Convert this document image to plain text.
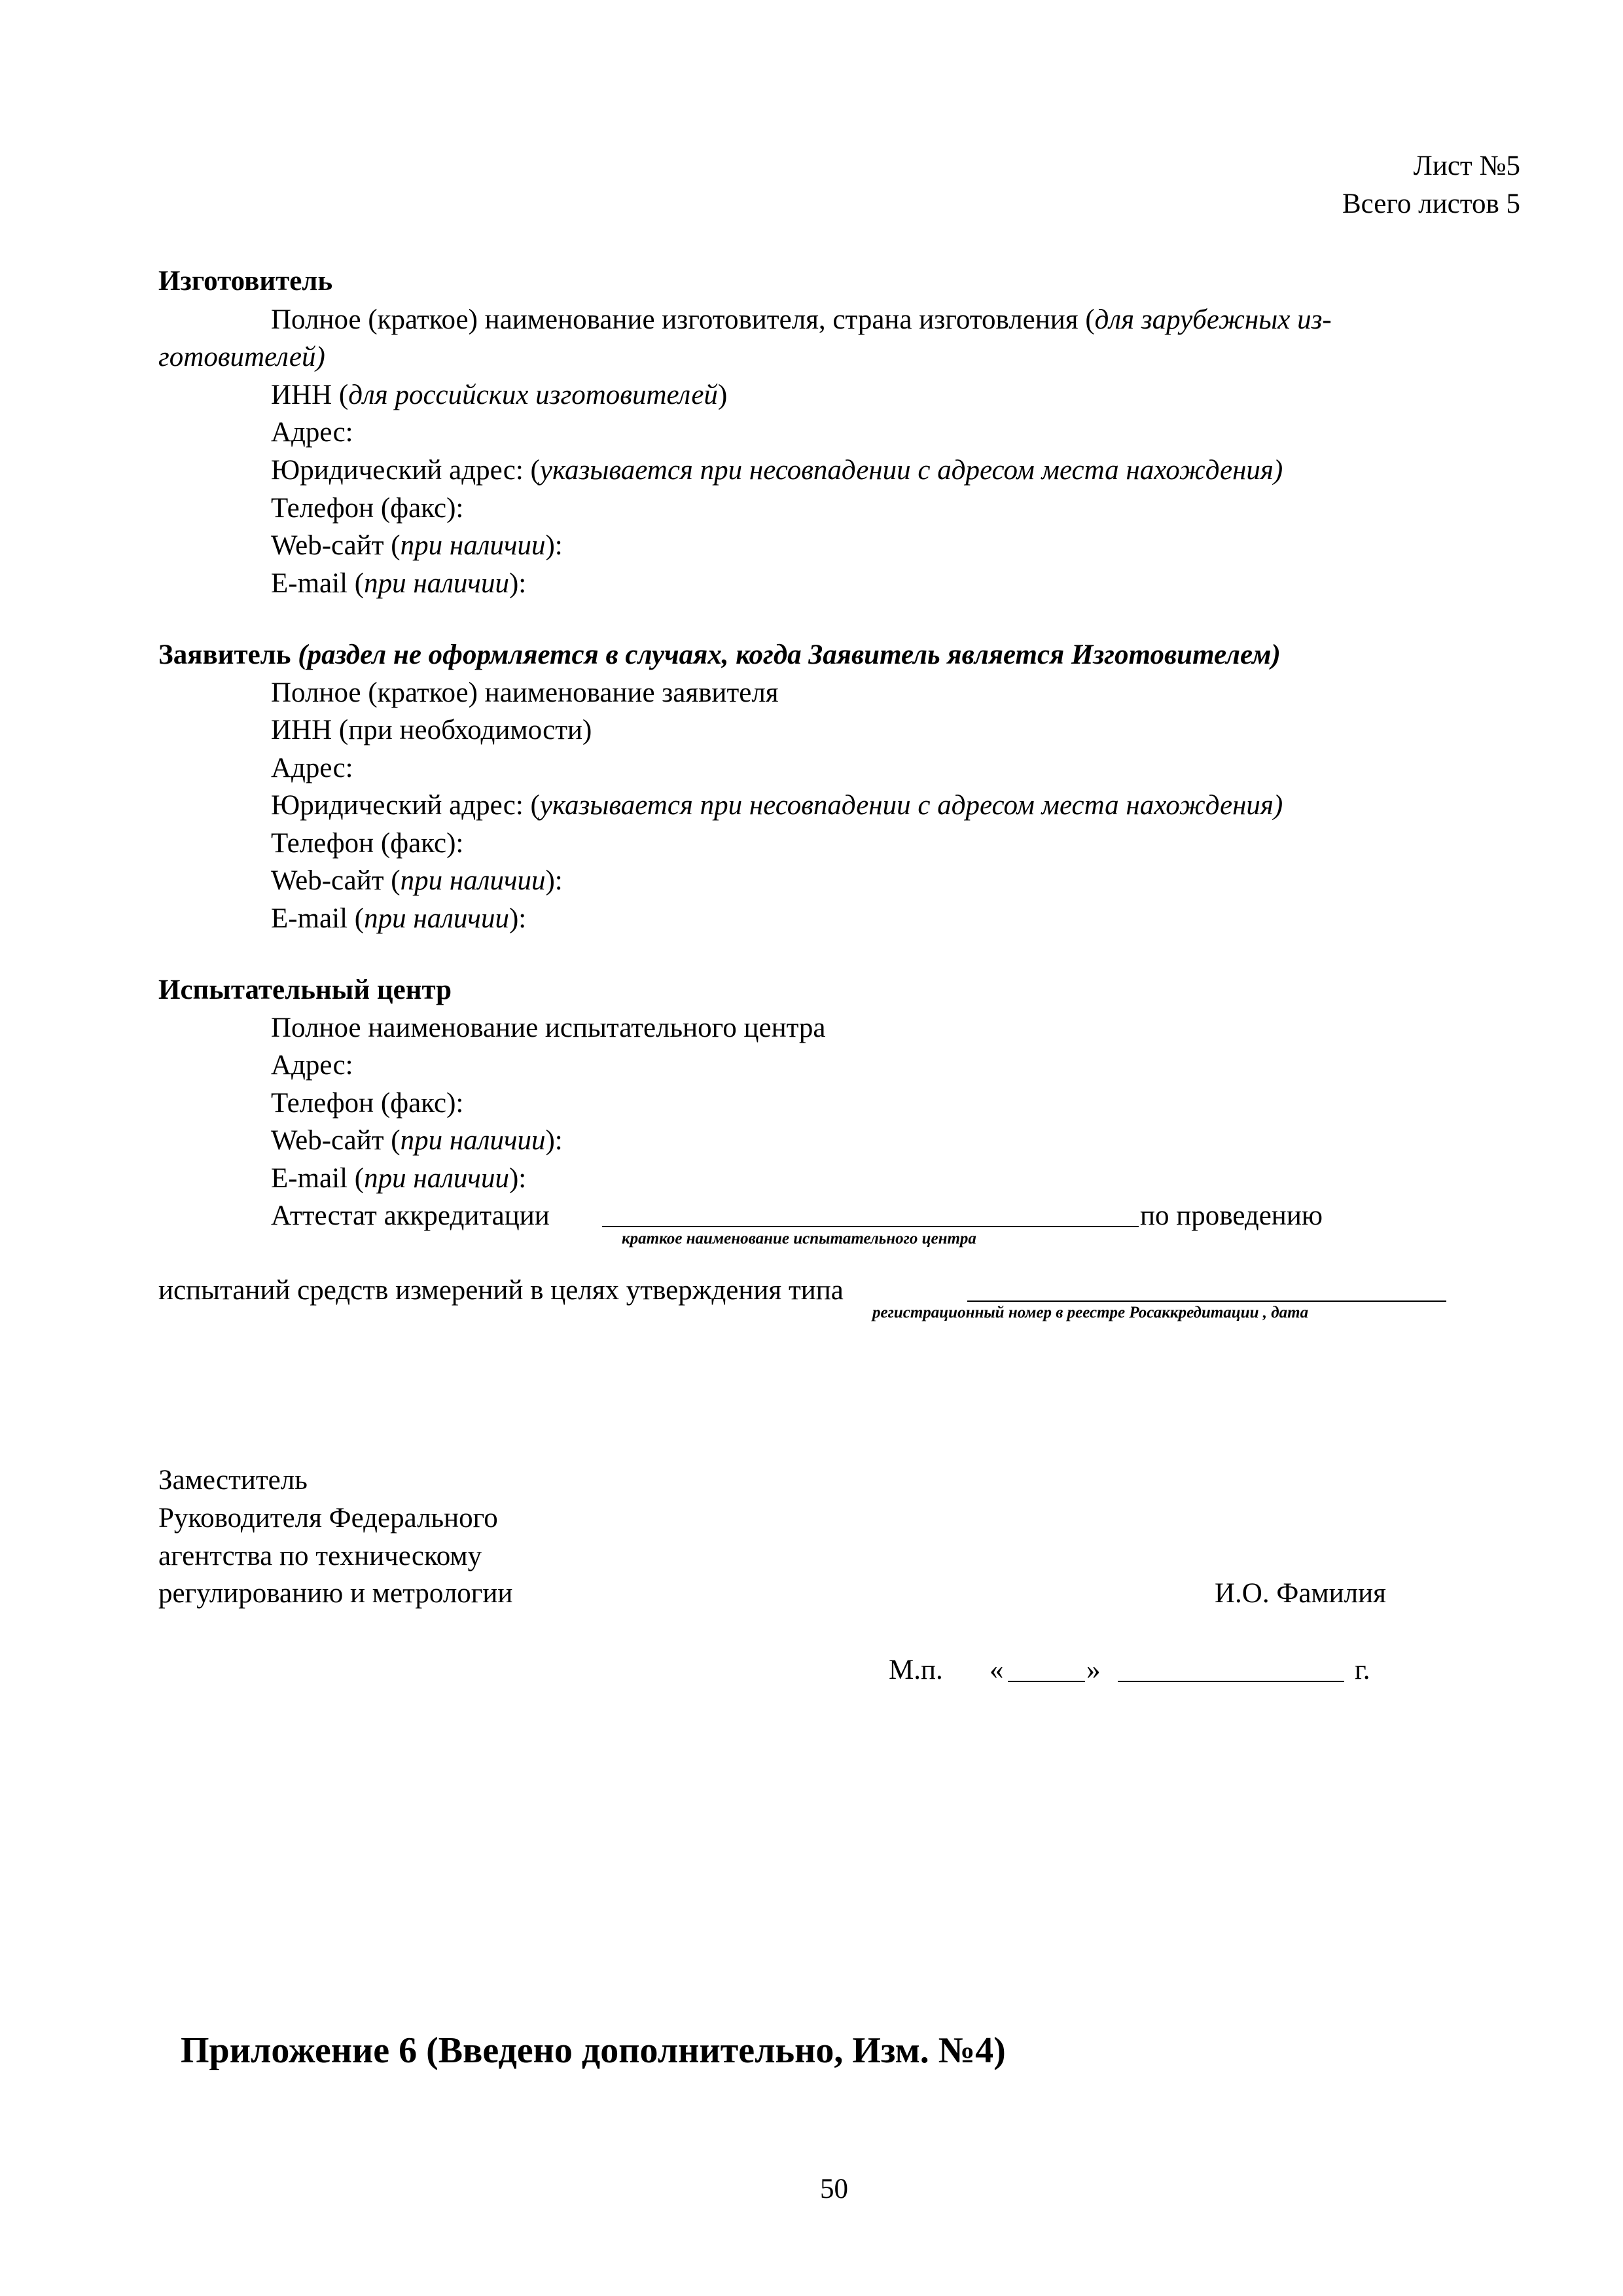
Лист №5
Всего листов 5
Изготовитель
Полное (краткое) наименование изготовителя, страна изготовления (для зарубежных из-
готовителей)
ИНН (для российских изготовителей)
Адрес:
Юридический адрес: (указывается при несовпадении с адресом места нахождения)
Телефон (факс):
Web-сайт (при наличии):
E-mail (при наличии):
Заявитель (раздел не оформляется в случаях, когда Заявитель является Изготовителем)
Полное (краткое) наименование заявителя
ИНН (при необходимости)
Адрес:
Юридический адрес: (указывается при несовпадении с адресом места нахождения)
Телефон (факс):
Web-сайт (при наличии):
E-mail (при наличии):
Испытательный центр
Полное наименование испытательного центра
Адрес:
Телефон (факс):
Web-сайт (при наличии):
E-mail (при наличии):
Аттестат аккредитации
краткое наименование испытательного центра
по проведению
испытаний средств измерений в целях утверждения типа
регистрационный номер в реестре Росаккредитации , дата
Заместитель
Руководителя Федерального
агентства по техническому
регулированию и метрологии	И.О. Фамилия
М.п. «	»	г.
Приложение 6 (Введено дополнительно, Изм. №4)
50
